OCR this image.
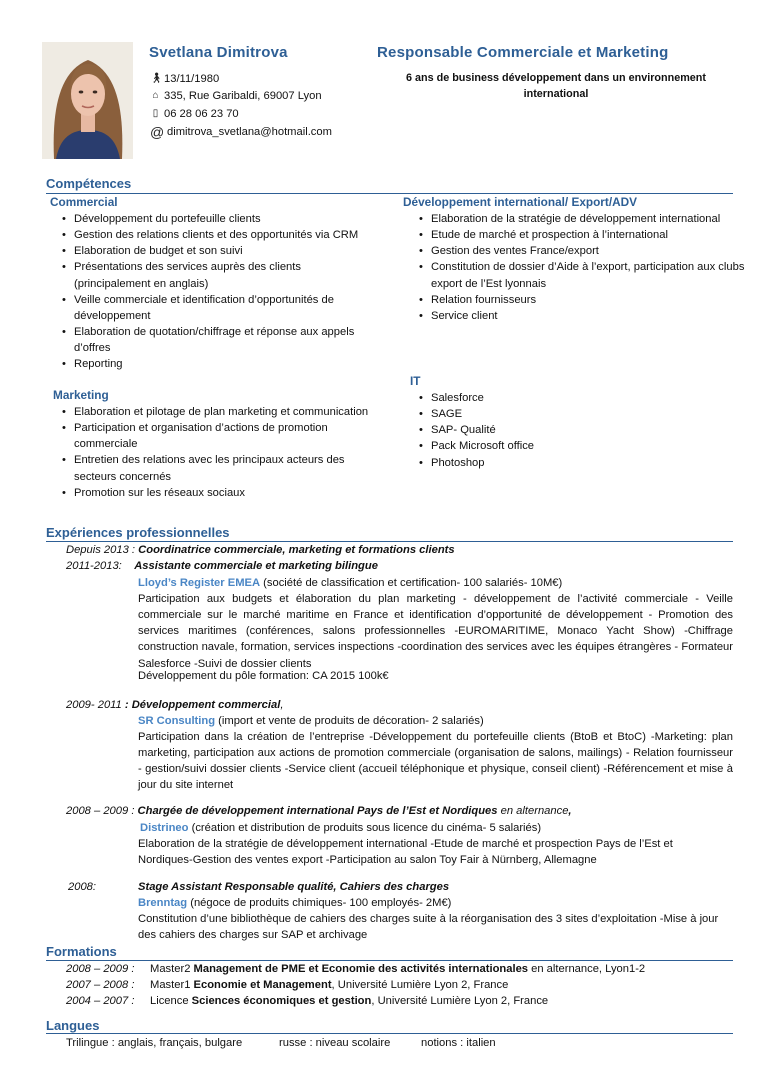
Svetlana Dimitrova	Responsable Commerciale et Marketing
6 ans de business développement dans un environnement international
🚶︎ 13/11/1980
⌂ 335, Rue Garibaldi, 69007 Lyon
▯ 06 28 06 23 70
@ dimitrova_svetlana@hotmail.com
Compétences
Commercial
• Développement du portefeuille clients
• Gestion des relations clients et des opportunités via CRM
• Elaboration de budget et son suivi
• Présentations des services auprès des clients (principalement en anglais)
• Veille commerciale et identification d’opportunités de développement
• Elaboration de quotation/chiffrage et réponse aux appels d’offres
• Reporting
Marketing
• Elaboration et pilotage de plan marketing et communication
• Participation et organisation d’actions de promotion commerciale
• Entretien des relations avec les principaux acteurs des secteurs concernés
• Promotion sur les réseaux sociaux
Développement international/ Export/ADV
• Elaboration de la stratégie de développement international
• Etude de marché et prospection à l’international
• Gestion des ventes France/export
• Constitution de dossier d’Aide à l’export, participation aux clubs export de l’Est lyonnais
• Relation fournisseurs
• Service client
IT
• Salesforce
• SAGE
• SAP- Qualité
• Pack Microsoft office
• Photoshop
Expériences professionnelles
Depuis 2013 : Coordinatrice commerciale, marketing et formations clients
2011-2013: Assistante commerciale et marketing bilingue
Lloyd’s Register EMEA (société de classification et certification- 100 salariés- 10M€)
Participation aux budgets et élaboration du plan marketing - développement de l’activité commerciale - Veille commerciale sur le marché maritime en France et identification d’opportunité de développement - Promotion des services maritimes (conférences, salons professionnelles -EUROMARITIME, Monaco Yacht Show) -Chiffrage construction navale, formation, services inspections -coordination des services avec les équipes étrangères - Formateur Salesforce -Suivi de dossier clients
Développement du pôle formation: CA 2015 100k€
2009- 2011 : Développement commercial,
SR Consulting (import et vente de produits de décoration- 2 salariés)
Participation dans la création de l’entreprise -Développement du portefeuille clients (BtoB et BtoC) -Marketing: plan marketing, participation aux actions de promotion commerciale (organisation de salons, mailings) - Relation fournisseur - gestion/suivi dossier clients -Service client (accueil téléphonique et physique, conseil client) -Référencement et mise à jour du site internet
2008 – 2009 : Chargée de développement international Pays de l’Est et Nordiques en alternance,
Distrineo (création et distribution de produits sous licence du cinéma- 5 salariés)
Elaboration de la stratégie de développement international -Etude de marché et prospection Pays de l’Est et Nordiques-Gestion des ventes export -Participation au salon Toy Fair à Nürnberg, Allemagne
2008:	Stage Assistant Responsable qualité, Cahiers des charges
Brenntag (négoce de produits chimiques- 100 employés- 2M€)
Constitution d’une bibliothèque de cahiers des charges suite à la réorganisation des 3 sites d’exploitation -Mise à jour des cahiers des charges sur SAP et archivage
Formations
2008 – 2009 : Master2 Management de PME et Economie des activités internationales en alternance, Lyon1-2
2007 – 2008 : Master1 Economie et Management, Université Lumière Lyon 2, France
2004 – 2007 : Licence Sciences économiques et gestion, Université Lumière Lyon 2, France
Langues
Trilingue : anglais, français, bulgare	russe : niveau scolaire	notions : italien
